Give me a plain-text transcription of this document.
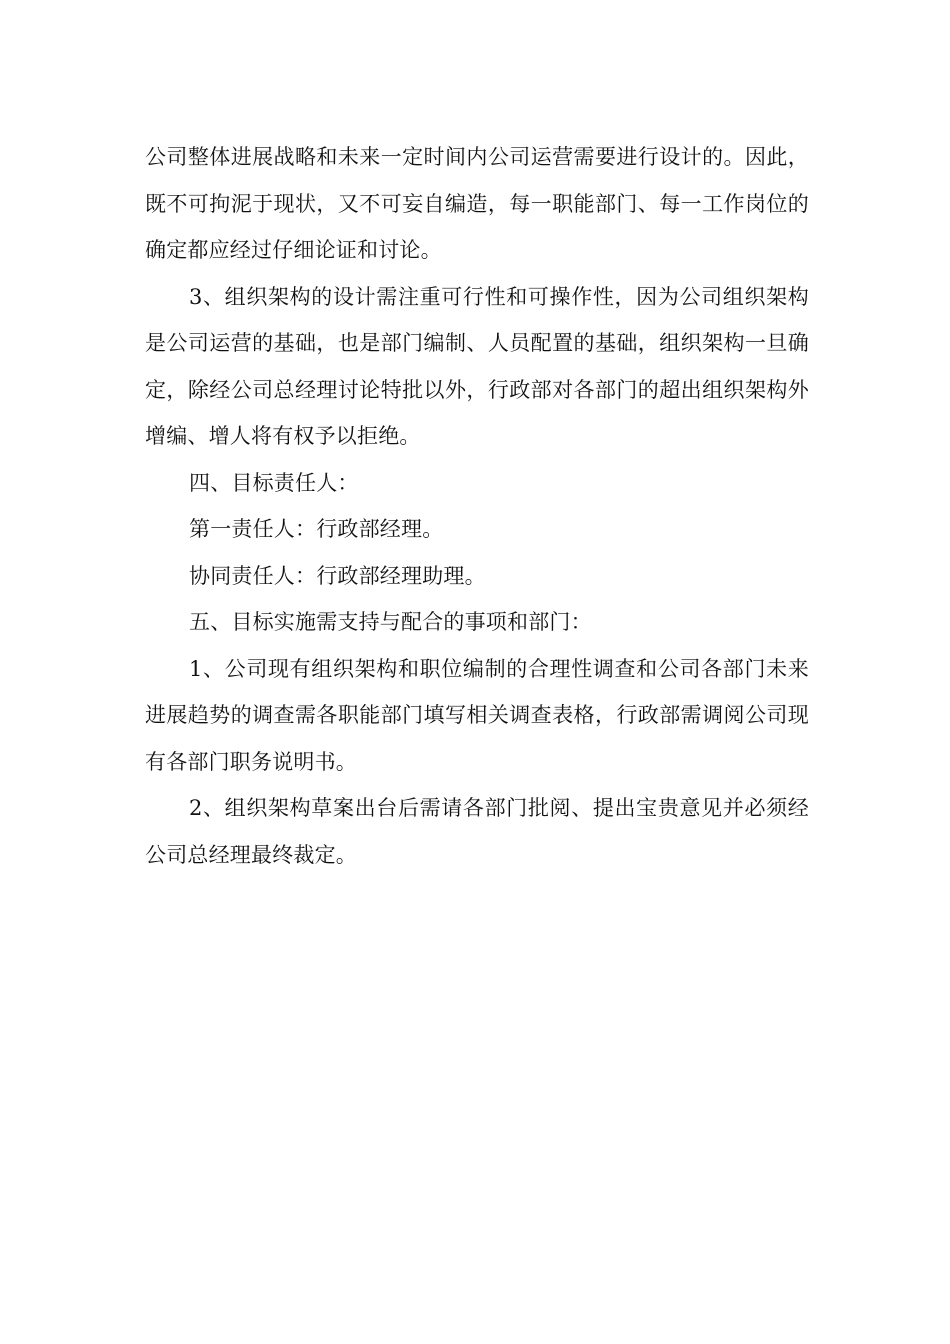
公司整体进展战略和未来一定时间内公司运营需要进行设计的。因此，既不可拘泥于现状，又不可妄自编造，每一职能部门、每一工作岗位的确定都应经过仔细论证和讨论。

3、组织架构的设计需注重可行性和可操作性，因为公司组织架构是公司运营的基础，也是部门编制、人员配置的基础，组织架构一旦确定，除经公司总经理讨论特批以外，行政部对各部门的超出组织架构外增编、增人将有权予以拒绝。

四、目标责任人：

第一责任人：行政部经理。

协同责任人：行政部经理助理。

五、目标实施需支持与配合的事项和部门：

1、公司现有组织架构和职位编制的合理性调查和公司各部门未来进展趋势的调查需各职能部门填写相关调查表格，行政部需调阅公司现有各部门职务说明书。

2、组织架构草案出台后需请各部门批阅、提出宝贵意见并必须经公司总经理最终裁定。
